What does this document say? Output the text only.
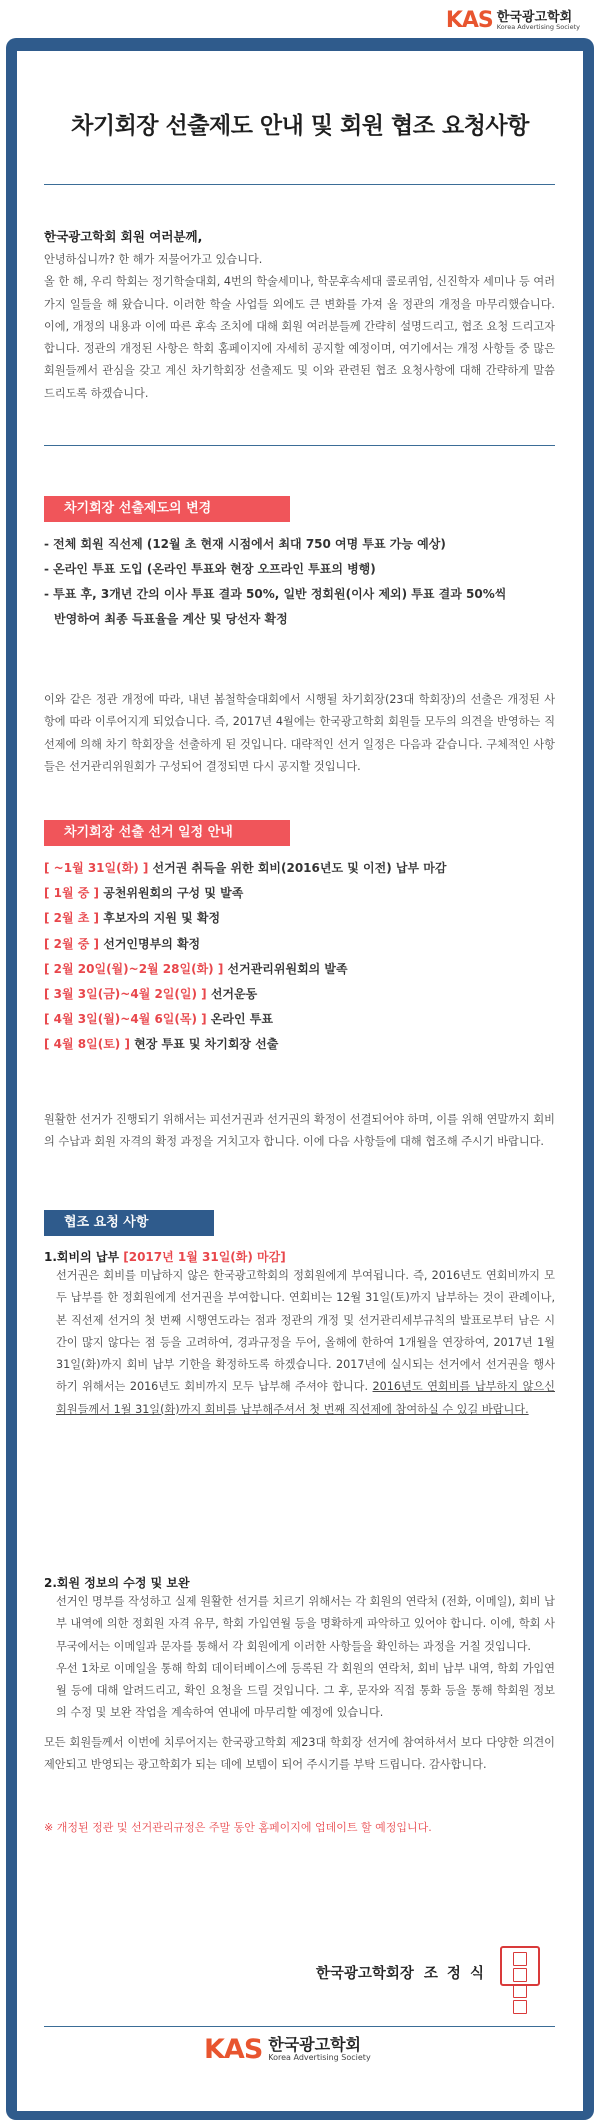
KAS 한국광고학회
Korea Advertising Society
차기회장 선출제도 안내 및 회원 협조 요청사항
한국광고학회 회원 여러분께,

안녕하십니까? 한 해가 저물어가고 있습니다.
올 한 해, 우리 학회는 정기학술대회, 4번의 학술세미나, 학문후속세대 콜로퀴엄, 신진학자 세미나 등 여러 가지 일들을 해 왔습니다. 이러한 학술 사업들 외에도 큰 변화를 가져 올 정관의 개정을 마무리했습니다. 이에, 개정의 내용과 이에 따른 후속 조치에 대해 회원 여러분들께 간략히 설명드리고, 협조 요청 드리고자 합니다. 정관의 개정된 사항은 학회 홈페이지에 자세히 공지할 예정이며, 여기에서는 개정 사항들 중 많은 회원들께서 관심을 갖고 계신 차기학회장 선출제도 및 이와 관련된 협조 요청사항에 대해 간략하게 말씀 드리도록 하겠습니다.

차기회장 선출제도의 변경
- 전체 회원 직선제 (12월 초 현재 시점에서 최대 750 여명 투표 가능 예상)
- 온라인 투표 도입 (온라인 투표와 현장 오프라인 투표의 병행)
- 투표 후, 3개년 간의 이사 투표 결과 50%, 일반 정회원(이사 제외) 투표 결과 50%씩
반영하여 최종 득표율을 계산 및 당선자 확정

이와 같은 정관 개정에 따라, 내년 봄철학술대회에서 시행될 차기회장(23대 학회장)의 선출은 개정된 사항에 따라 이루어지게 되었습니다. 즉, 2017년 4월에는 한국광고학회 회원들 모두의 의견을 반영하는 직선제에 의해 차기 학회장을 선출하게 된 것입니다. 대략적인 선거 일정은 다음과 같습니다. 구체적인 사항들은 선거관리위원회가 구성되어 결정되면 다시 공지할 것입니다.

차기회장 선출 선거 일정 안내
[ ~1월 31일(화) ] 선거권 취득을 위한 회비(2016년도 및 이전) 납부 마감
[ 1월 중 ] 공천위원회의 구성 및 발족
[ 2월 초 ] 후보자의 지원 및 확정
[ 2월 중 ] 선거인명부의 확정
[ 2월 20일(월)~2월 28일(화) ] 선거관리위원회의 발족
[ 3월 3일(금)~4월 2일(일) ] 선거운동
[ 4월 3일(월)~4월 6일(목) ] 온라인 투표
[ 4월 8일(토) ] 현장 투표 및 차기회장 선출

원활한 선거가 진행되기 위해서는 피선거권과 선거권의 확정이 선결되어야 하며, 이를 위해 연말까지 회비의 수납과 회원 자격의 확정 과정을 거치고자 합니다. 이에 다음 사항들에 대해 협조해 주시기 바랍니다.

협조 요청 사항
1.회비의 납부 [2017년 1월 31일(화) 마감]
선거권은 회비를 미납하지 않은 한국광고학회의 정회원에게 부여됩니다. 즉, 2016년도 연회비까지 모두 납부를 한 정회원에게 선거권을 부여합니다. 연회비는 12월 31일(토)까지 납부하는 것이 관례이나, 본 직선제 선거의 첫 번째 시행연도라는 점과 정관의 개정 및 선거관리세부규칙의 발표로부터 남은 시간이 많지 않다는 점 등을 고려하여, 경과규정을 두어, 올해에 한하여 1개월을 연장하여, 2017년 1월 31일(화)까지 회비 납부 기한을 확정하도록 하겠습니다. 2017년에 실시되는 선거에서 선거권을 행사하기 위해서는 2016년도 회비까지 모두 납부해 주셔야 합니다. 2016년도 연회비를 납부하지 않으신 회원들께서 1월 31일(화)까지 회비를 납부해주셔서 첫 번째 직선제에 참여하실 수 있길 바랍니다.
2.회원 정보의 수정 및 보완
선거인 명부를 작성하고 실제 원활한 선거를 치르기 위해서는 각 회원의 연락처 (전화, 이메일), 회비 납부 내역에 의한 정회원 자격 유무, 학회 가입연월 등을 명확하게 파악하고 있어야 합니다. 이에, 학회 사무국에서는 이메일과 문자를 통해서 각 회원에게 이러한 사항들을 확인하는 과정을 거칠 것입니다.
우선 1차로 이메일을 통해 학회 데이터베이스에 등록된 각 회원의 연락처, 회비 납부 내역, 학회 가입연월 등에 대해 알려드리고, 확인 요청을 드릴 것입니다. 그 후, 문자와 직접 통화 등을 통해 학회원 정보의 수정 및 보완 작업을 계속하여 연내에 마무리할 예정에 있습니다.

모든 회원들께서 이번에 치루어지는 한국광고학회 제23대 학회장 선거에 참여하셔서 보다 다양한 의견이 제안되고 반영되는 광고학회가 되는 데에 보템이 되어 주시기를 부탁 드립니다. 감사합니다.

※ 개정된 정관 및 선거관리규정은 주말 동안 홈페이지에 업데이트 할 예정입니다.
한국광고학회장 조 정 식
KAS 한국광고학회
Korea Advertising Society
